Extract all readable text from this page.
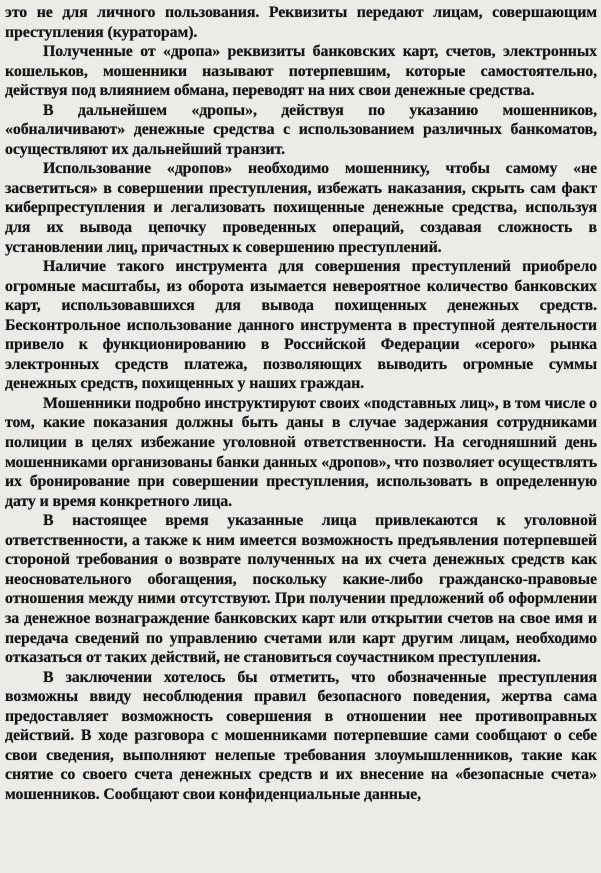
это не для личного пользования. Реквизиты передают лицам, совершающим преступления (кураторам).

Полученные от «дропа» реквизиты банковских карт, счетов, электронных кошельков, мошенники называют потерпевшим, которые самостоятельно, действуя под влиянием обмана, переводят на них свои денежные средства.

В дальнейшем «дропы», действуя по указанию мошенников, «обналичивают» денежные средства с использованием различных банкоматов, осуществляют их дальнейший транзит.

Использование «дропов» необходимо мошеннику, чтобы самому «не засветиться» в совершении преступления, избежать наказания, скрыть сам факт киберпреступления и легализовать похищенные денежные средства, используя для их вывода цепочку проведенных операций, создавая сложность в установлении лиц, причастных к совершению преступлений.

Наличие такого инструмента для совершения преступлений приобрело огромные масштабы, из оборота изымается невероятное количество банковских карт, использовавшихся для вывода похищенных денежных средств. Бесконтрольное использование данного инструмента в преступной деятельности привело к функционированию в Российской Федерации «серого» рынка электронных средств платежа, позволяющих выводить огромные суммы денежных средств, похищенных у наших граждан.

Мошенники подробно инструктируют своих «подставных лиц», в том числе о том, какие показания должны быть даны в случае задержания сотрудниками полиции в целях избежание уголовной ответственности. На сегодняшний день мошенниками организованы банки данных «дропов», что позволяет осуществлять их бронирование при совершении преступления, использовать в определенную дату и время конкретного лица.

В настоящее время указанные лица привлекаются к уголовной ответственности, а также к ним имеется возможность предъявления потерпевшей стороной требования о возврате полученных на их счета денежных средств как неосновательного обогащения, поскольку какие-либо гражданско-правовые отношения между ними отсутствуют. При получении предложений об оформлении за денежное вознаграждение банковских карт или открытии счетов на свое имя и передача сведений по управлению счетами или карт другим лицам, необходимо отказаться от таких действий, не становиться соучастником преступления.

В заключении хотелось бы отметить, что обозначенные преступления возможны ввиду несоблюдения правил безопасного поведения, жертва сама предоставляет возможность совершения в отношении нее противоправных действий. В ходе разговора с мошенниками потерпевшие сами сообщают о себе свои сведения, выполняют нелепые требования злоумышленников, такие как снятие со своего счета денежных средств и их внесение на «безопасные счета» мошенников. Сообщают свои конфиденциальные данные,
